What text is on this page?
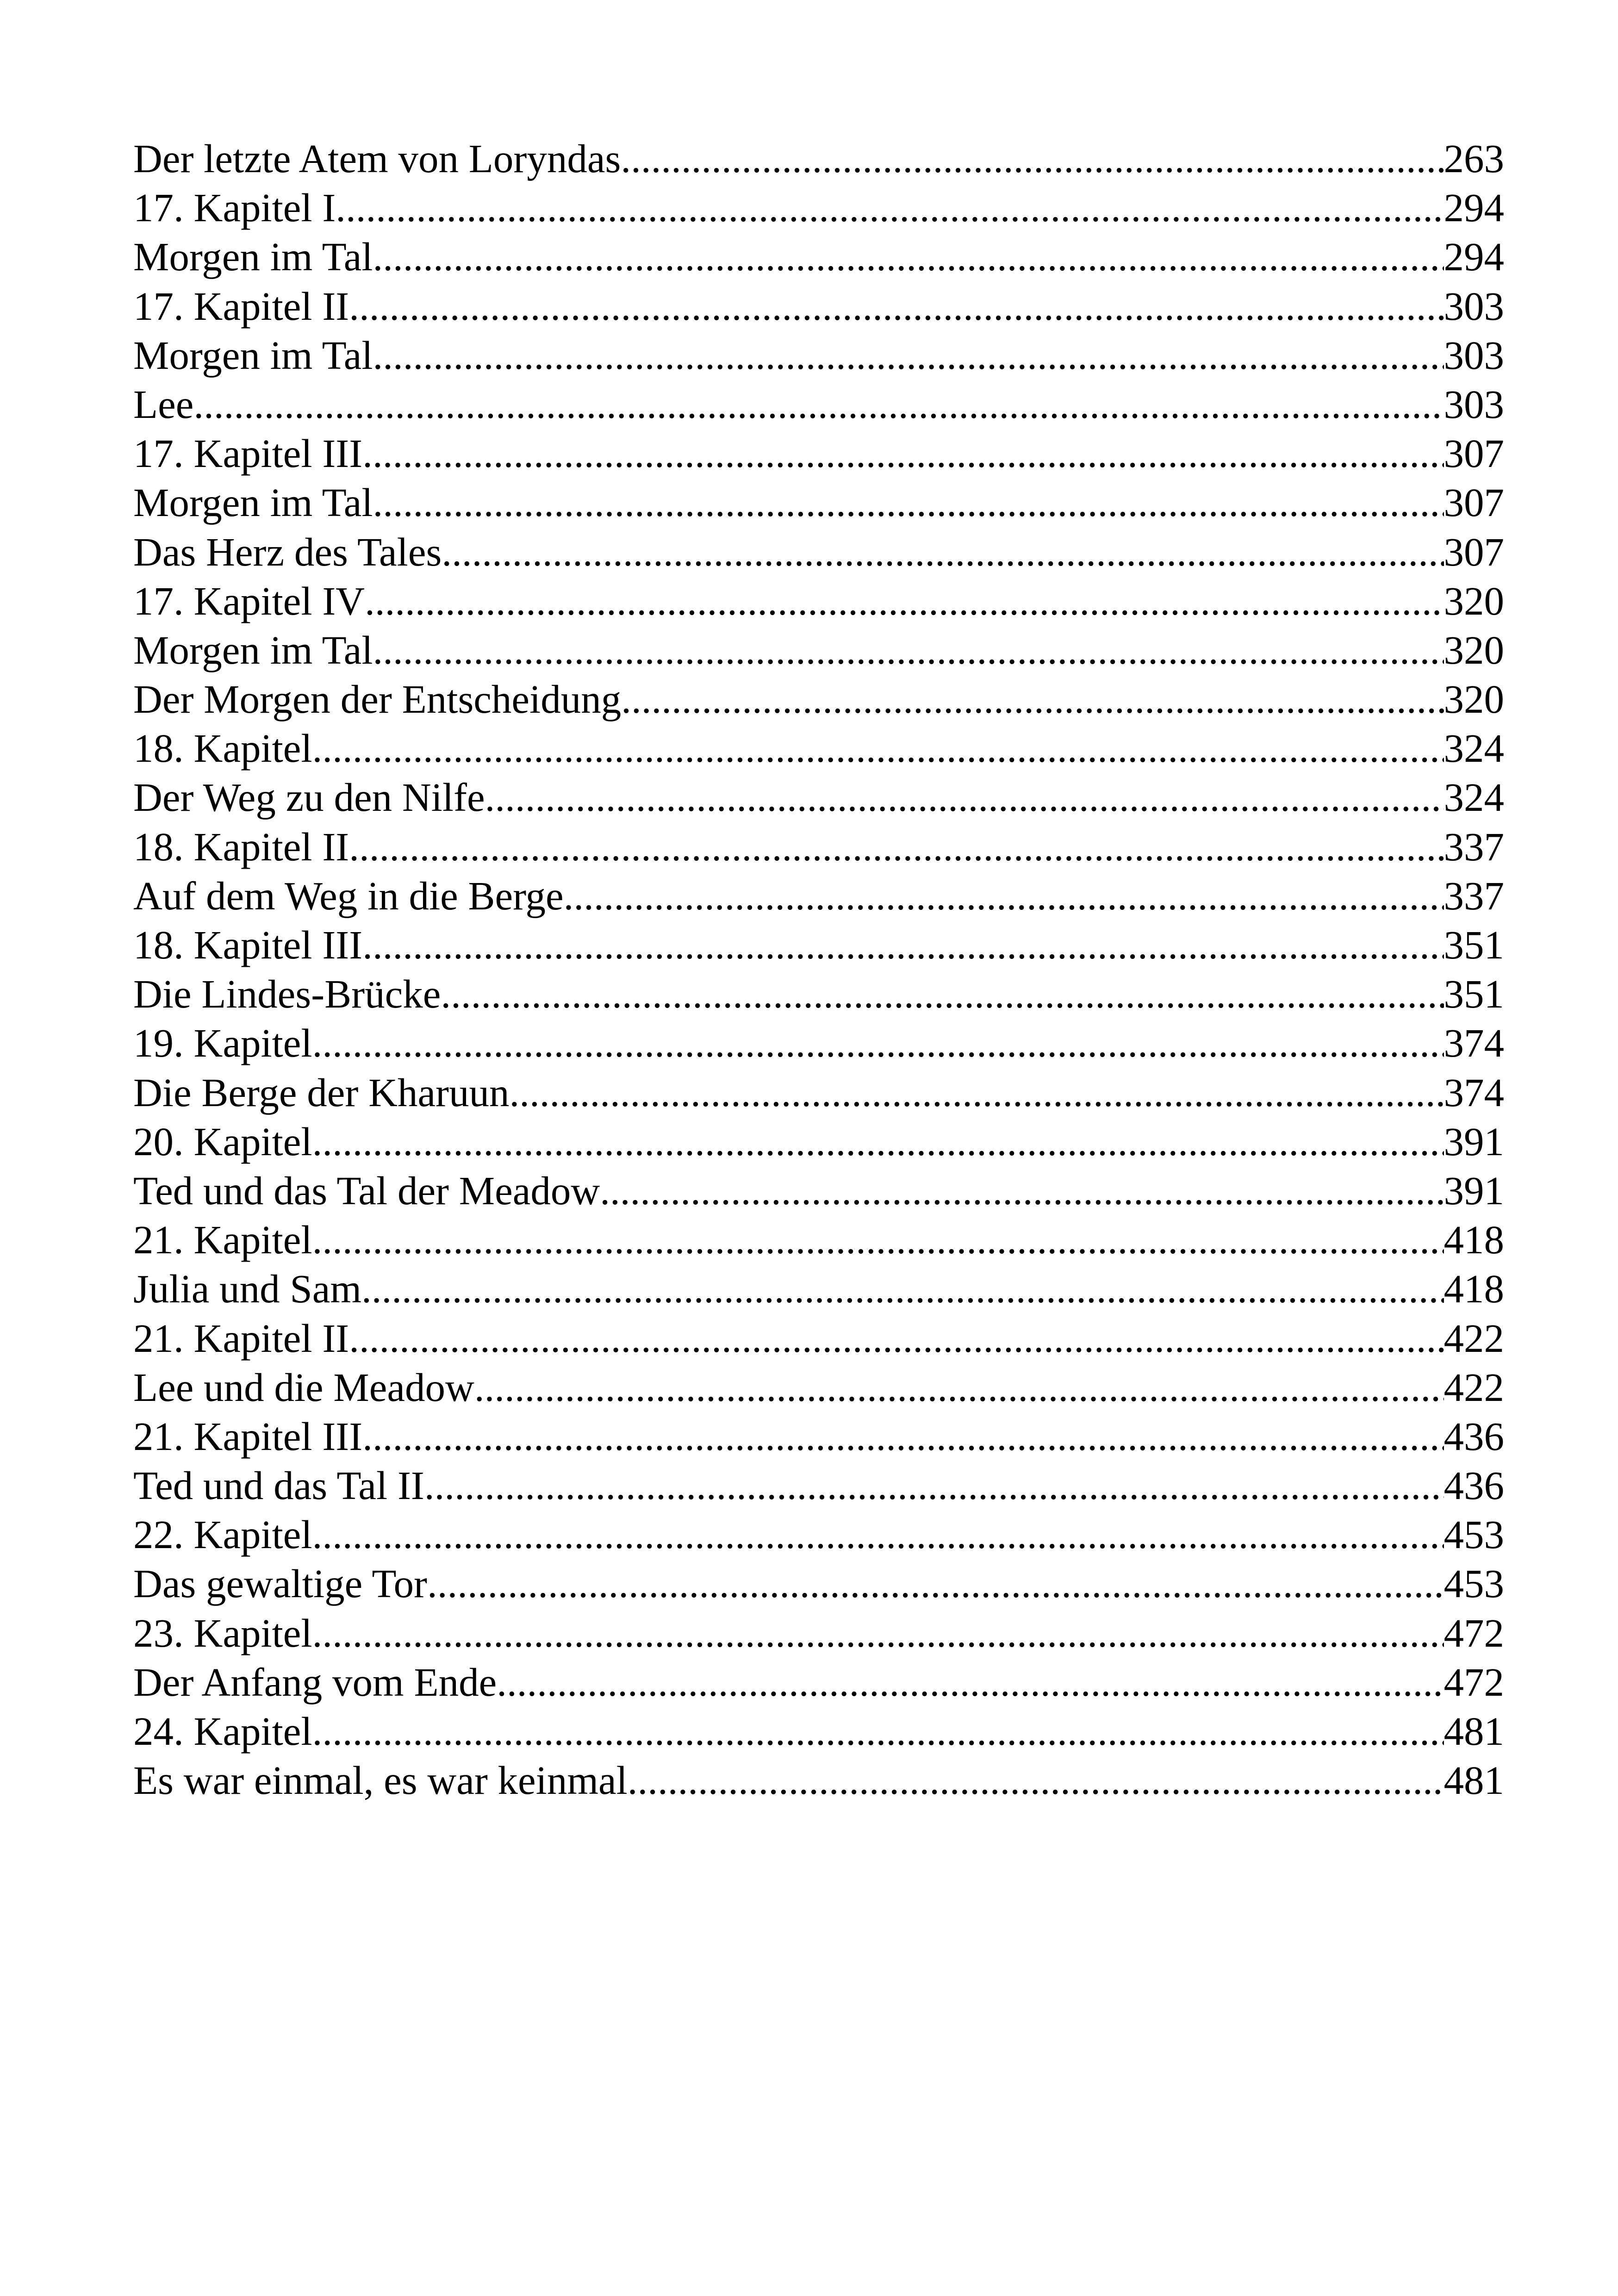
Der letzte Atem von Loryndas .....	263
17. Kapitel I .....	294
Morgen im Tal .....	294
17. Kapitel II .....	303
Morgen im Tal .....	303
Lee .....	303
17. Kapitel III .....	307
Morgen im Tal .....	307
Das Herz des Tales .....	307
17. Kapitel IV .....	320
Morgen im Tal .....	320
Der Morgen der Entscheidung .....	320
18. Kapitel .....	324
Der Weg zu den Nilfe .....	324
18. Kapitel II .....	337
Auf dem Weg in die Berge .....	337
18. Kapitel III .....	351
Die Lindes-Brücke .....	351
19. Kapitel .....	374
Die Berge der Kharuun .....	374
20. Kapitel .....	391
Ted und das Tal der Meadow .....	391
21. Kapitel .....	418
Julia und Sam .....	418
21. Kapitel II .....	422
Lee und die Meadow .....	422
21. Kapitel III .....	436
Ted und das Tal II .....	436
22. Kapitel .....	453
Das gewaltige Tor .....	453
23. Kapitel .....	472
Der Anfang vom Ende .....	472
24. Kapitel .....	481
Es war einmal, es war keinmal .....	481
